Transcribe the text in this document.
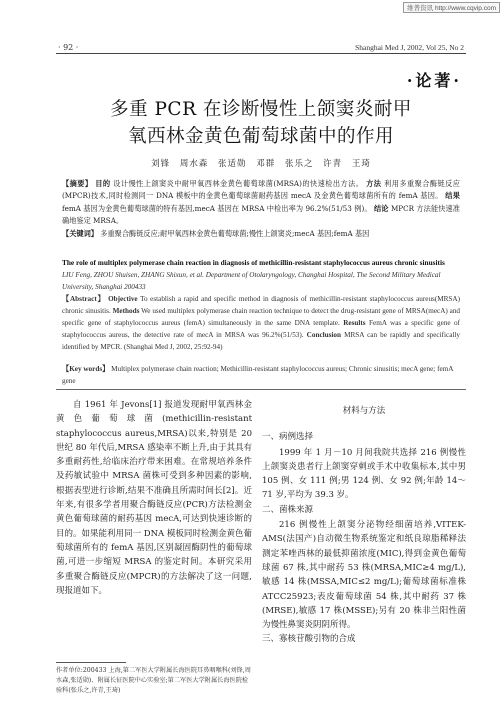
维普资讯 http://www.cqvip.com
· 92 ·	Shanghai Med J, 2002, Vol 25, No 2
·论著·
多重 PCR 在诊断慢性上颌窦炎耐甲
氧西林金黄色葡萄球菌中的作用
刘锋 周水森 张适勋 邓群 张乐之 许青 王琦
【摘要】 目的 设计慢性上颌窦炎中耐甲氧西林金黄色葡萄球菌(MRSA)的快速检出方法。 方法 利用多重聚合酶链反应(MPCR)技术,同时检测同一 DNA 模板中的金黄色葡萄球菌耐药基因 mecA 及金黄色葡萄球菌所有的 femA 基因。 结果 femA 基因为金黄色葡萄球菌的特有基因,mecA 基因在 MRSA 中检出率为 96.2%(51/53 例)。 结论 MPCR 方法能快速准确地鉴定 MRSA。
【关键词】 多重聚合酶链反应;耐甲氧西林金黄色葡萄球菌;慢性上颌窦炎;mecA 基因;femA 基因
The role of multiplex polymerase chain reaction in diagnosis of methicillin-resistant staphylococcus aureus chronic sinusitis
LIU Feng, ZHOU Shuisen, ZHANG Shixun, et al. Department of Otolaryngology, Changhai Hospital, The Second Military Medical University, Shanghai 200433
【Abstract】 Objective To establish a rapid and specific method in diagnosis of methicillin-resistant staphylococcus aureus(MRSA) chronic sinusitis. Methods We used multiplex polymerase chain reaction technique to detect the drug-resistant gene of MRSA(mecA) and specific gene of staphylococcus aureus (femA) simultaneously in the same DNA template. Results FemA was a specific gene of staphylococcus aureus, the detective rate of mecA in MRSA was 96.2%(51/53). Conclusion MRSA can be rapidly and specifically identified by MPCR. (Shanghai Med J, 2002, 25:92-94)
【Key words】 Multiplex polymerase chain reaction; Methicillin-resistant staphylococcus aureus; Chronic sinusitis; mecA gene; femA gene
自 1961 年 Jevons[1] 报道发现耐甲氧西林金黄色葡萄球菌(methicillin-resistant staphylococcus aureus,MRSA)以来,特别是 20 世纪 80 年代后,MRSA 感染率不断上升,由于其具有多重耐药性,给临床治疗带来困难。在常规培养条件及药敏试验中 MRSA 菌株可受到多种因素的影响,根据表型进行诊断,结果不准确且所需时间长[2]。近年来,有很多学者用聚合酶链反应(PCR)方法检测金黄色葡萄球菌的耐药基因 mecA,可达到快速诊断的目的。如果能利用同一 DNA 模板同时检测金黄色葡萄球菌所有的 femA 基因,区别凝固酶阴性的葡萄球菌,可进一步缩短 MRSA 的鉴定时间。本研究采用多重聚合酶链反应(MPCR)的方法解决了这一问题,现报道如下。
材料与方法
一、病例选择
1999 年 1 月－10 月间我院共选择 216 例慢性上颌窦炎患者行上颌窦穿刺或手术中收集标本,其中男 105 例、女 111 例;男 124 例、女 92 例;年龄 14～71 岁,平均为 39.3 岁。
二、菌株来源
216 例慢性上颌窦分泌物经细菌培养,VITEK-AMS(法国产)自动微生物系统鉴定和纸良琼脂稀释法测定苯唑西林的最低抑菌浓度(MIC),得到金黄色葡萄球菌 67 株,其中耐药 53 株(MRSA,MIC≥4 mg/L),敏感 14 株(MSSA,MIC≤2 mg/L);葡萄球菌标准株 ATCC25923;表皮葡萄球菌 54 株,其中耐药 37 株(MRSE),敏感 17 株(MSSE);另有 20 株非兰阳性菌为慢性鼻窦炎阴阴所得。
三、寡核苷酸引物的合成
作者单位:200433 上海,第二军医大学附属长海医院耳鼻咽喉科(刘锋,周水森,张适勋)、附属长征医院中心实验室;第二军医大学附属长海医院检验科(张乐之,许青,王琦)
